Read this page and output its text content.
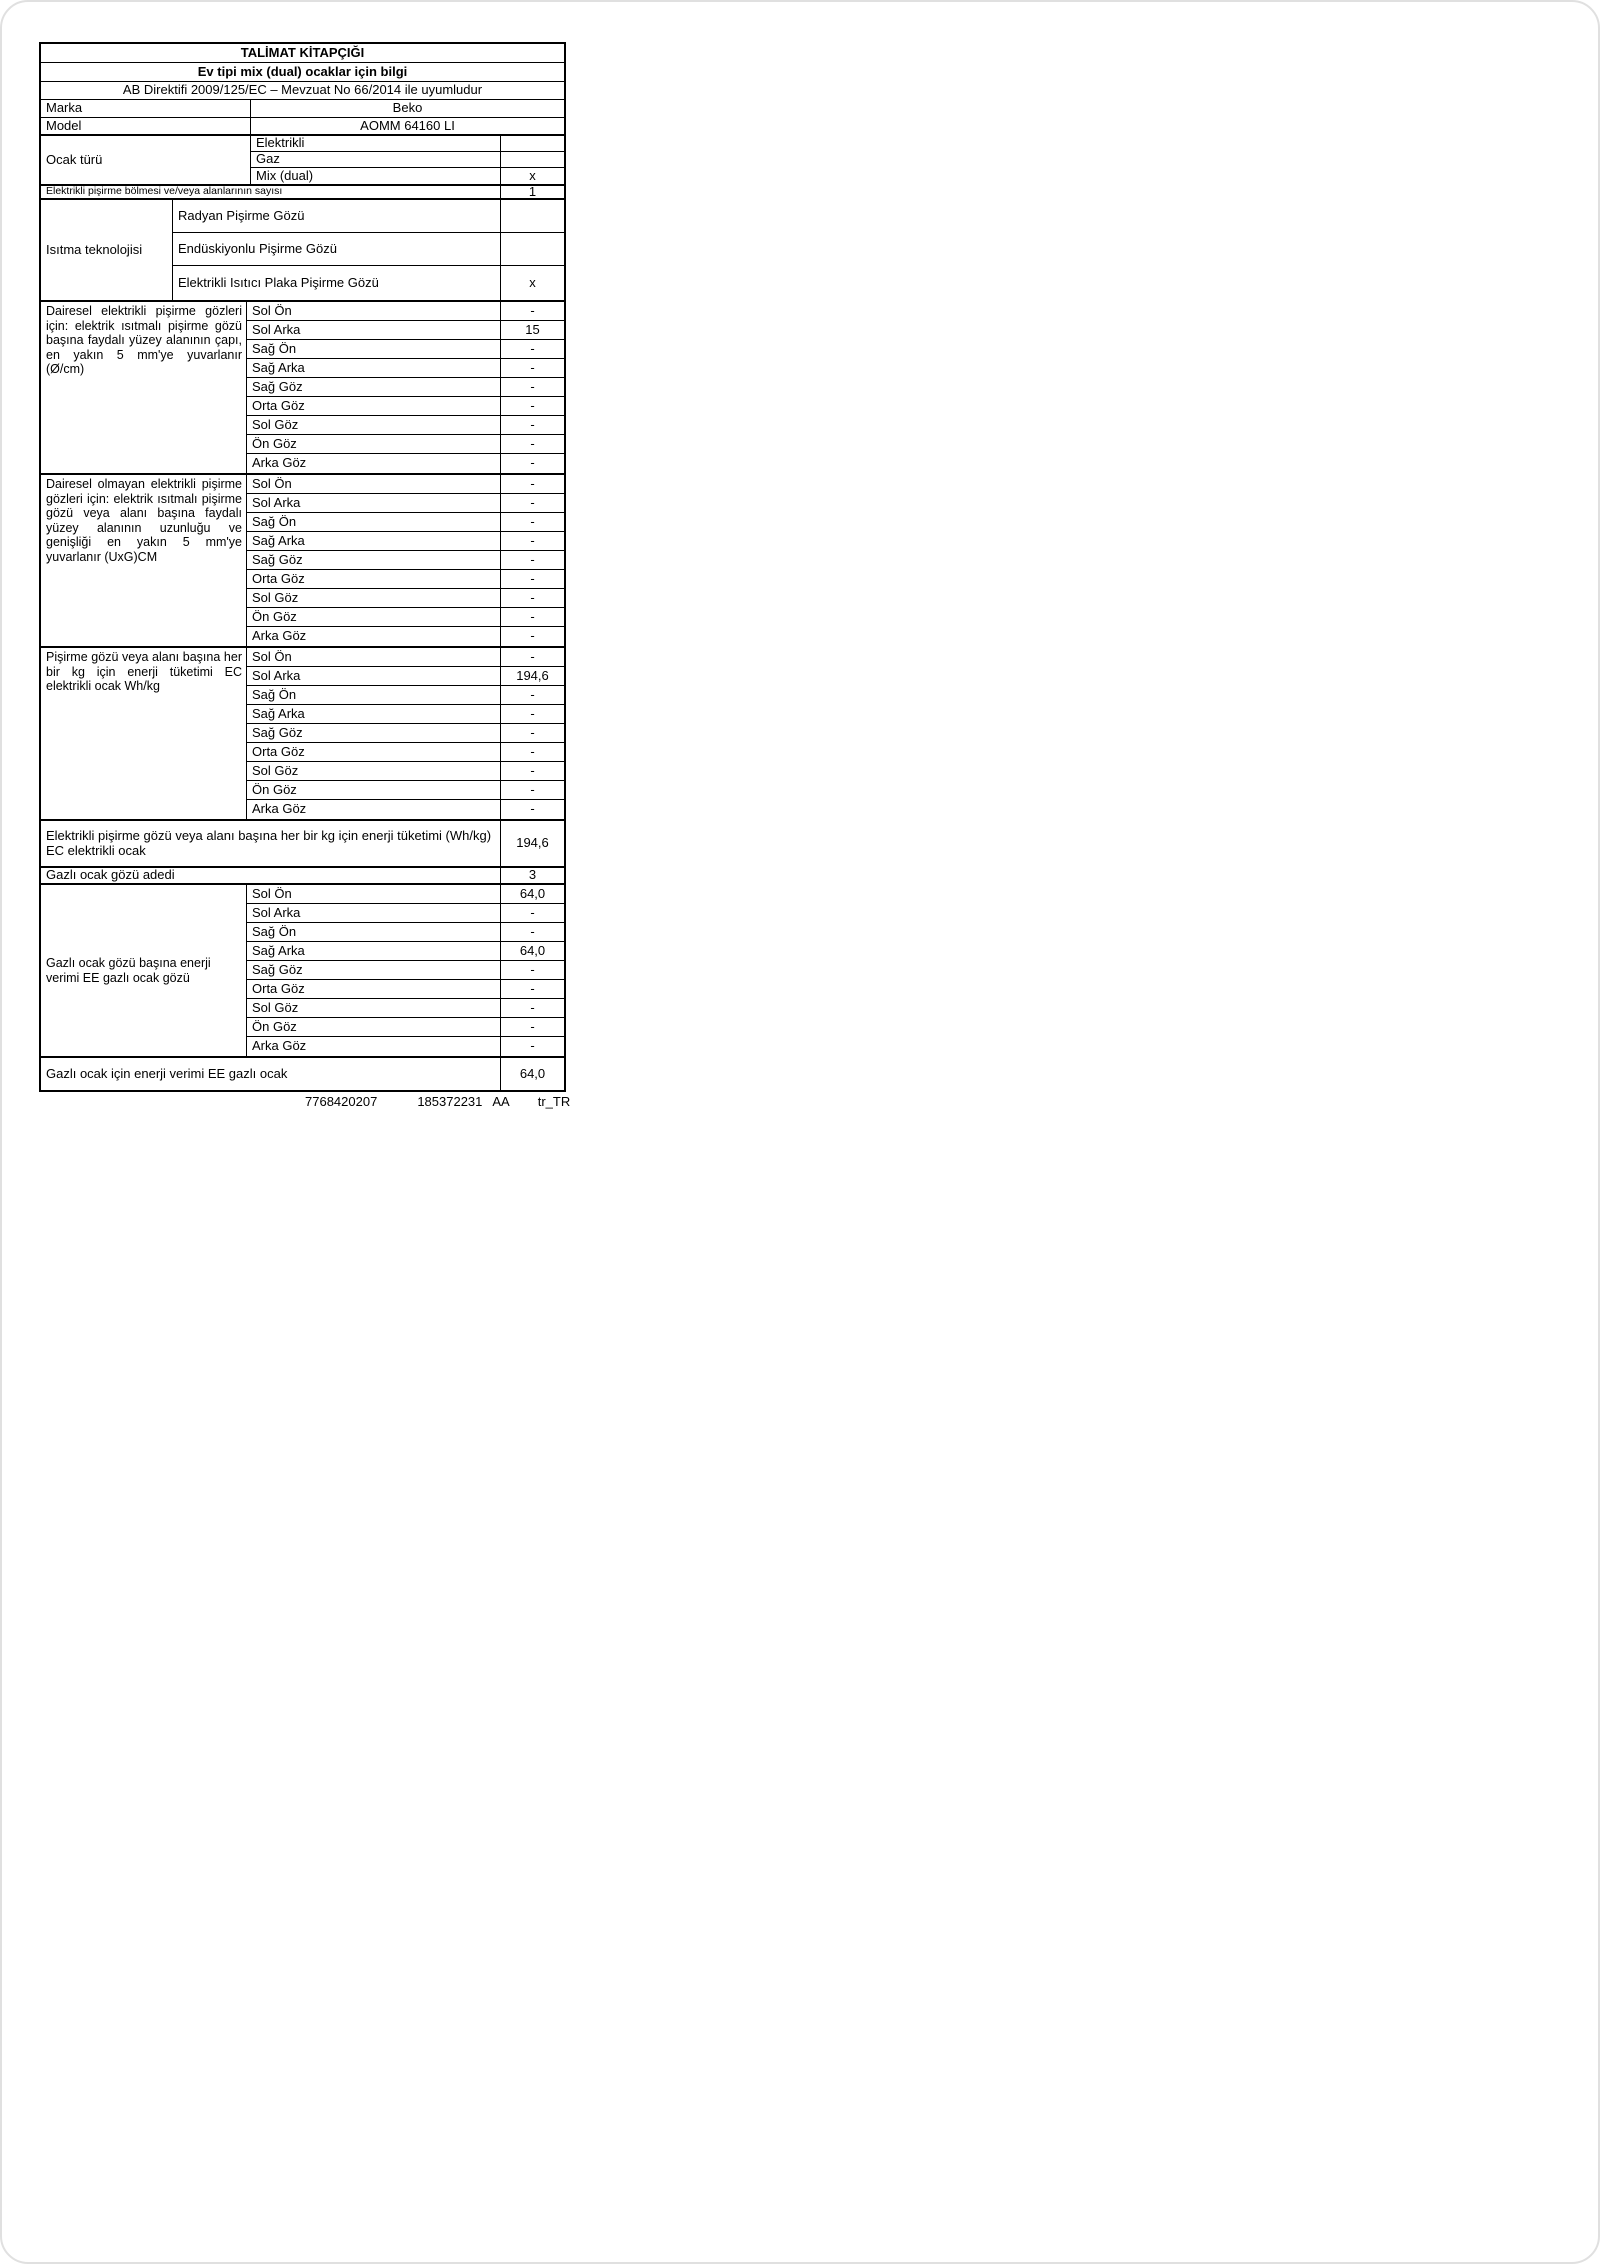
TALİMAT KİTAPÇIĞI
Ev tipi mix (dual) ocaklar için bilgi
AB Direktifi 2009/125/EC – Mevzuat No 66/2014 ile uyumludur
Marka	Beko
Model	AOMM 64160 LI
Ocak türü
Elektrikli
Gaz
Mix (dual)	x
Elektrikli pişirme bölmesi ve/veya alanlarının sayısı	1
Isıtma teknolojisi
Radyan Pişirme Gözü
Endüskiyonlu Pişirme Gözü
Elektrikli Isıtıcı Plaka Pişirme Gözü	x
Dairesel elektrikli pişirme gözleri için: elektrik ısıtmalı pişirme gözü başına faydalı yüzey alanının çapı, en yakın 5 mm'ye yuvarlanır (Ø/cm)
Sol Ön	-
Sol Arka	15
Sağ Ön	-
Sağ Arka	-
Sağ Göz	-
Orta Göz	-
Sol Göz	-
Ön Göz	-
Arka Göz	-
Dairesel olmayan elektrikli pişirme gözleri için: elektrik ısıtmalı pişirme gözü veya alanı başına faydalı yüzey alanının uzunluğu ve genişliği en yakın 5 mm'ye yuvarlanır (UxG)CM
Sol Ön	-
Sol Arka	-
Sağ Ön	-
Sağ Arka	-
Sağ Göz	-
Orta Göz	-
Sol Göz	-
Ön Göz	-
Arka Göz	-
Pişirme gözü veya alanı başına her bir kg için enerji tüketimi EC elektrikli ocak Wh/kg
Sol Ön	-
Sol Arka	194,6
Sağ Ön	-
Sağ Arka	-
Sağ Göz	-
Orta Göz	-
Sol Göz	-
Ön Göz	-
Arka Göz	-
Elektrikli pişirme gözü veya alanı başına her bir kg için enerji tüketimi (Wh/kg) EC elektrikli ocak	194,6
Gazlı ocak gözü adedi	3
Gazlı ocak gözü başına enerji verimi EE gazlı ocak gözü
Sol Ön	64,0
Sol Arka	-
Sağ Ön	-
Sağ Arka	64,0
Sağ Göz	-
Orta Göz	-
Sol Göz	-
Ön Göz	-
Arka Göz	-
Gazlı ocak için enerji verimi EE gazlı ocak	64,0
7768420207	185372231 AA tr_TR
